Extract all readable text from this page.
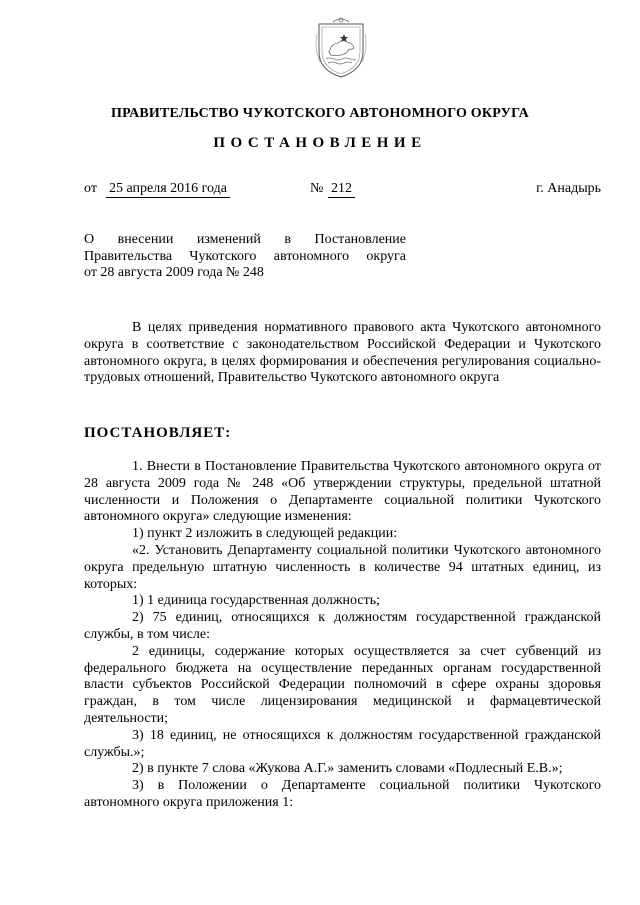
ПРАВИТЕЛЬСТВО ЧУКОТСКОГО АВТОНОМНОГО ОКРУГА
ПОСТАНОВЛЕНИЕ
от 25 апреля 2016 года	№ 212	г. Анадырь
О внесении изменений в Постановление
Правительства Чукотского автономного округа
от 28 августа 2009 года № 248

В целях приведения нормативного правового акта Чукотского автономного округа в соответствие с законодательством Российской Федерации и Чукотского автономного округа, в целях формирования и обеспечения регулирования социально-трудовых отношений, Правительство Чукотского автономного округа

ПОСТАНОВЛЯЕТ:

1. Внести в Постановление Правительства Чукотского автономного округа от 28 августа 2009 года № 248 «Об утверждении структуры, предельной штатной численности и Положения о Департаменте социальной политики Чукотского автономного округа» следующие изменения:

1) пункт 2 изложить в следующей редакции:

«2. Установить Департаменту социальной политики Чукотского автономного округа предельную штатную численность в количестве 94 штатных единиц, из которых:

1) 1 единица государственная должность;

2) 75 единиц, относящихся к должностям государственной гражданской службы, в том числе:

2 единицы, содержание которых осуществляется за счет субвенций из федерального бюджета на осуществление переданных органам государственной власти субъектов Российской Федерации полномочий в сфере охраны здоровья граждан, в том числе лицензирования медицинской и фармацевтической деятельности;

3) 18 единиц, не относящихся к должностям государственной гражданской службы.»;

2) в пункте 7 слова «Жукова А.Г.» заменить словами «Подлесный Е.В.»;

3) в Положении о Департаменте социальной политики Чукотского автономного округа приложения 1:
